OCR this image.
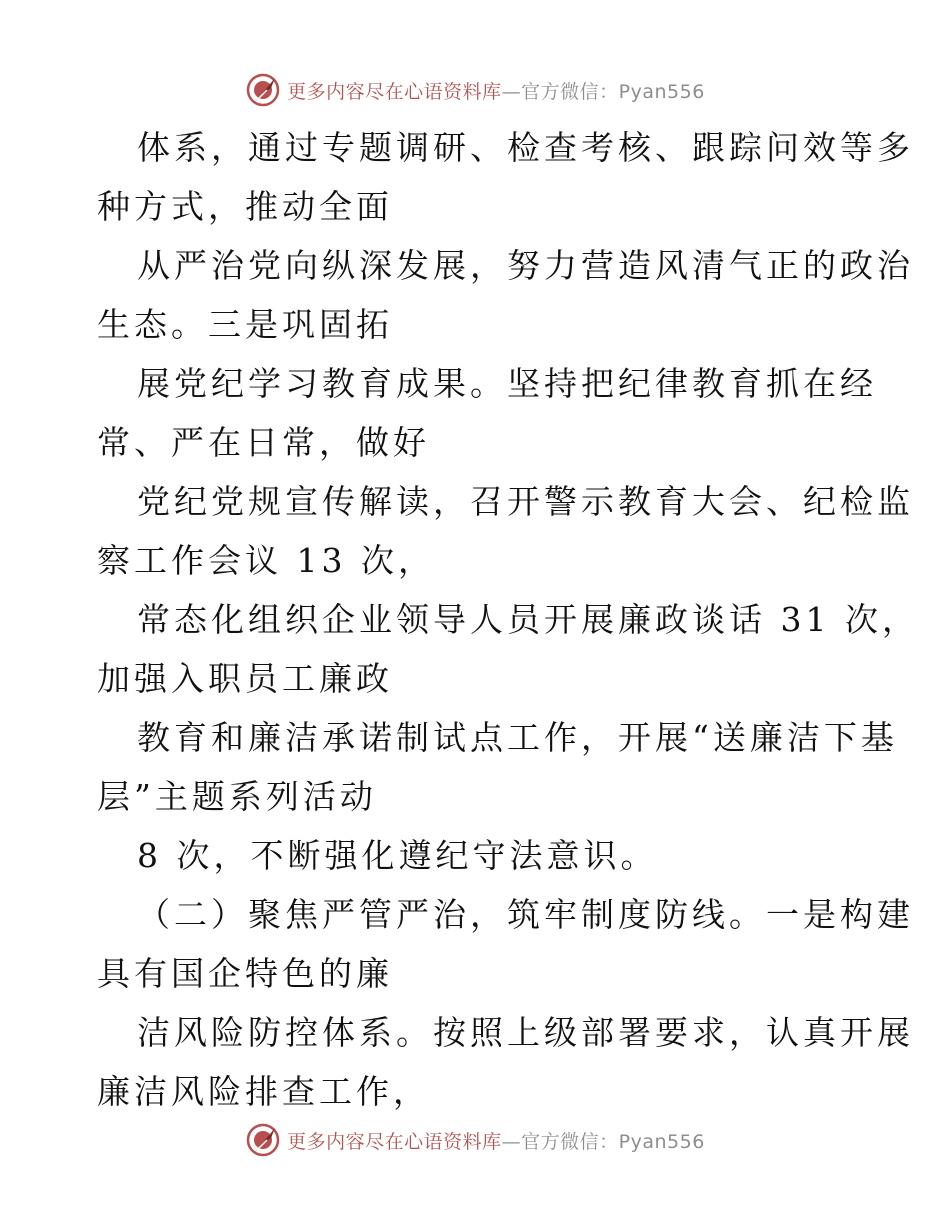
更多内容尽在心语资料库—官方微信：Pyan556
体系，通过专题调研、检查考核、跟踪问效等多
种方式，推动全面
从严治党向纵深发展，努力营造风清气正的政治
生态。三是巩固拓
展党纪学习教育成果。坚持把纪律教育抓在经
常、严在日常，做好
党纪党规宣传解读，召开警示教育大会、纪检监
察工作会议 13 次，
常态化组织企业领导人员开展廉政谈话 31 次，
加强入职员工廉政
教育和廉洁承诺制试点工作，开展“送廉洁下基
层”主题系列活动
8 次，不断强化遵纪守法意识。
（二）聚焦严管严治，筑牢制度防线。一是构建
具有国企特色的廉
洁风险防控体系。按照上级部署要求，认真开展
廉洁风险排查工作，
更多内容尽在心语资料库—官方微信：Pyan556
